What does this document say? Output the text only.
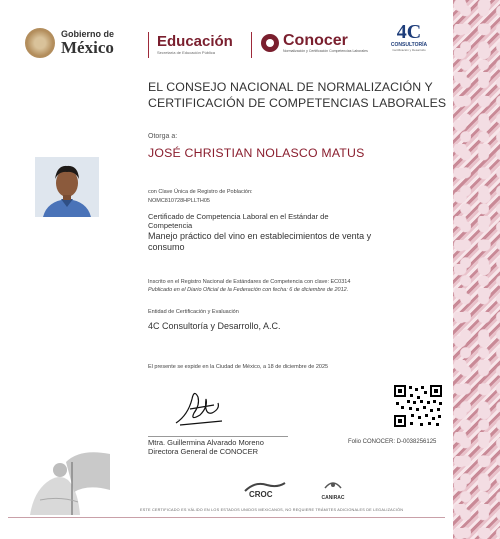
Gobierno de
México	Educación
Secretaría de Educación Pública
Conocer
Normalización y Certificación Competencias Laborales
4C
CONSULTORÍA
Certificación y Desarrollo
EL CONSEJO NACIONAL DE NORMALIZACIÓN Y
CERTIFICACIÓN DE COMPETENCIAS LABORALES
Otorga a:
JOSÉ CHRISTIAN NOLASCO MATUS
con Clave Única de Registro de Población:
NOMC810728HPLLTH05
Certificado de Competencia Laboral en el Estándar de
Competencia
Manejo práctico del vino en establecimientos de venta y
consumo
Inscrito en el Registro Nacional de Estándares de Competencia con clave: EC0314
Publicado en el Diario Oficial de la Federación con fecha: 6 de diciembre de 2012.
Entidad de Certificación y Evaluación
4C Consultoría y Desarrollo, A.C.
El presente se expide en la Ciudad de México, a 18 de diciembre de 2025
Mtra. Guillermina Alvarado Moreno
Directora General de CONOCER
Folio CONOCER: D-0038256125
CROC	CANIRAC
ESTE CERTIFICADO ES VÁLIDO EN LOS ESTADOS UNIDOS MEXICANOS, NO REQUIERE TRÁMITES ADICIONALES DE LEGALIZACIÓN
